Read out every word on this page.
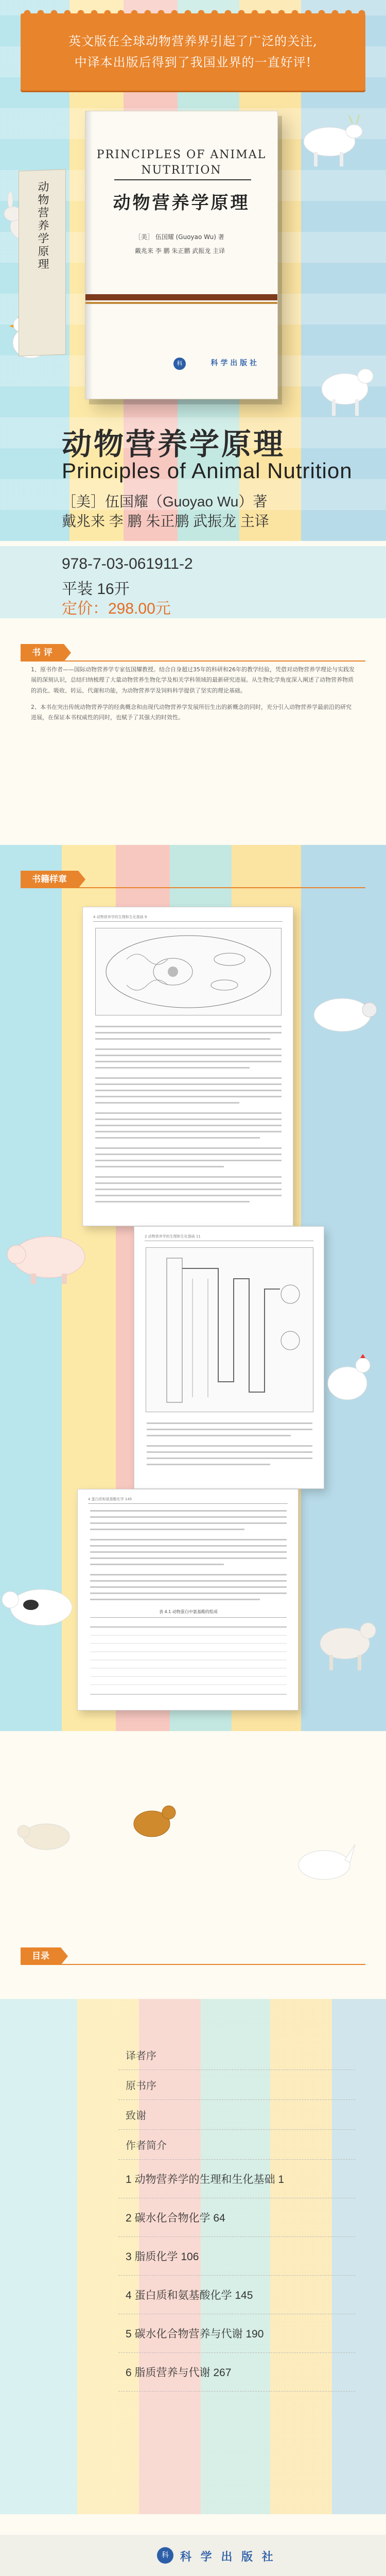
英文版在全球动物营养界引起了广泛的关注,

中译本出版后得到了我国业界的一直好评!

动物营养学原理
PRINCIPLES OF ANIMAL NUTRITION
动物营养学原理
［美］ 伍国耀 (Guoyao Wu) 著
戴兆来 李 鹏 朱正鹏 武振龙 主译
科	科 学 出 版 社
动物营养学原理
Principles of Animal Nutrition
［美］伍国耀（Guoyao Wu）著
戴兆来 李 鹏 朱正鹏 武振龙 主译
978-7-03-061911-2
平装 16开
定价：298.00元
书 评

1、原书作者——国际动物营养学专家伍国耀教授。结合自身超过35年的科研和26年的教学经验，凭借对动物营养学理论与实践发展的深刻认识，总结归纳梳理了大量动物营养生物化学及相关学科领域的最新研究进展。从生物化学角度深入阐述了动物营养物质的消化、吸收、转运、代谢和功能，为动物营养学及饲料科学提供了坚实的理论基础。

2、本书在突出传统动物营养学的经典概念和由现代动物营养学发展所衍生出的新概念的同时，充分引入动物营养学最前沿的研究进展，在保证本书权威性的同时，也赋予了其强大的时效性。

书籍样章
4 动物营养学的生理和生化基础 9
2 动物营养学的生理和生化基础 11
4 蛋白质和氨基酸化学 145
表 4.1 动物蛋白中氨基酸的组成
目录
译者序
原书序
致谢
作者简介
1 动物营养学的生理和生化基础 1
2 碳水化合物化学 64
3 脂质化学 106
4 蛋白质和氨基酸化学 145
5 碳水化合物营养与代谢 190
6 脂质营养与代谢 267
科	科 学 出 版 社
